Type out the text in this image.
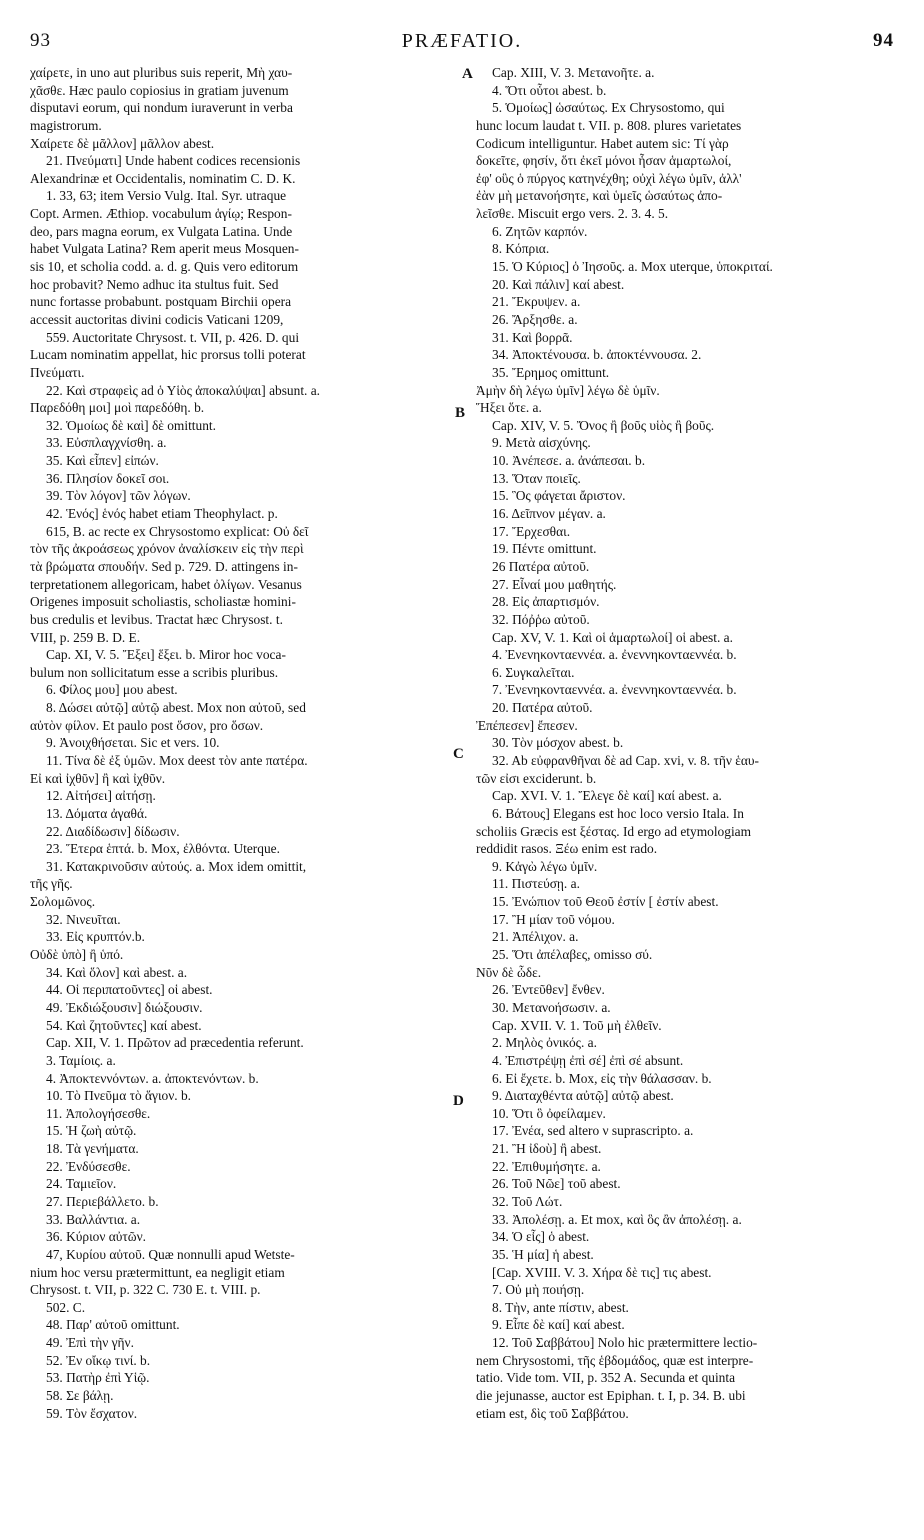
93	PRÆFATIO.	94
χαίρετε, in uno aut pluribus suis reperit, Μὴ χαυ-
χᾶσθε. Hæc paulo copiosius in gratiam juvenum
disputavi eorum, qui nondum iuraverunt in verba
magistrorum.
Χαίρετε δὲ μᾶλλον] μᾶλλον abest.
21. Πνεύματι] Unde habent codices recensionis
Alexandrinæ et Occidentalis, nominatim C. D. K.
1. 33, 63; item Versio Vulg. Ital. Syr. utraque
Copt. Armen. Æthiop. vocabulum ἁγίῳ; Respon-
deo, pars magna eorum, ex Vulgata Latina. Unde
habet Vulgata Latina? Rem aperit meus Mosquen-
sis 10, et scholia codd. a. d. g. Quis vero editorum
hoc probavit? Nemo adhuc ita stultus fuit. Sed
nunc fortasse probabunt. postquam Birchii opera
accessit auctoritas divini codicis Vaticani 1209,
559. Auctoritate Chrysost. t. VII, p. 426. D. qui
Lucam nominatim appellat, hic prorsus tolli poterat
Πνεύματι.
22. Καὶ στραφεὶς ad ὁ Υἱὸς ἀποκαλύψαι] absunt. a.
Παρεδόθη μοι] μοὶ παρεδόθη. b.
32. Ὁμοίως δὲ καὶ] δὲ omittunt.
33. Εὐσπλαγχνίσθη. a.
35. Καὶ εἶπεν] εἰπών.
36. Πλησίον δοκεῖ σοι.
39. Τὸν λόγον] τῶν λόγων.
42. Ἑνός] ἑνός habet etiam Theophylact. p.
615, B. ac recte ex Chrysostomo explicat: Οὐ δεῖ
τὸν τῆς ἀκροάσεως χρόνον ἀναλίσκειν εἰς τὴν περὶ
τὰ βρώματα σπουδήν. Sed p. 729. D. attingens in-
terpretationem allegoricam, habet ὀλίγων. Vesanus
Origenes imposuit scholiastis, scholiastæ homini-
bus credulis et levibus. Tractat hæc Chrysost. t.
VIII, p. 259 B. D. E.
Cap. XI, V. 5. Ἔξει] ἕξει. b. Miror hoc voca-
bulum non sollicitatum esse a scribis pluribus.
6. Φίλος μου] μου abest.
8. Δώσει αὐτῷ] αὐτῷ abest. Mox non αὐτοῦ, sed
αὐτὸν φίλον. Et paulo post ὅσον, pro ὅσων.
9. Ἀνοιχθήσεται. Sic et vers. 10.
11. Τίνα δὲ ἐξ ὑμῶν. Mox deest τὸν ante πατέρα.
Εἰ καὶ ἰχθῦν] ἢ καὶ ἰχθῦν.
12. Αἰτήσει] αἰτήσῃ.
13. Δόματα ἀγαθά.
22. Διαδίδωσιν] δίδωσιν.
23. Ἕτερα ἑπτά. b. Mox, ἐλθόντα. Uterque.
31. Κατακρινοῦσιν αὐτούς. a. Mox idem omittit,
τῆς γῆς.
Σολομῶνος.
32. Νινευῖται.
33. Εἰς κρυπτόν.b.
Οὐδὲ ὑπὸ] ἢ ὑπό.
34. Καὶ ὅλον] καὶ abest. a.
44. Οἱ περιπατοῦντες] οἱ abest.
49. Ἐκδιώξουσιν] διώξουσιν.
54. Καὶ ζητοῦντες] καί abest.
Cap. XII, V. 1. Πρῶτον ad præcedentia referunt.
3. Ταμίοις. a.
4. Ἀποκτεννόντων. a. ἀποκτενόντων. b.
10. Τὸ Πνεῦμα τὸ ἅγιον. b.
11. Ἀπολογήσεσθε.
15. Ἡ ζωὴ αὐτῷ.
18. Τὰ γενήματα.
22. Ἐνδύσεσθε.
24. Ταμιεῖον.
27. Περιεβάλλετο. b.
33. Βαλλάντια. a.
36. Κύριον αὐτῶν.
47, Κυρίου αὐτοῦ. Quæ nonnulli apud Wetste-
nium hoc versu prætermittunt, ea negligit etiam
Chrysost. t. VII, p. 322 C. 730 E. t. VIII. p.
502. C.
48. Παρ' αὐτοῦ omittunt.
49. Ἐπὶ τὴν γῆν.
52. Ἐν οἴκῳ τινί. b.
53. Πατὴρ ἐπὶ Υἱῷ.
58. Σε βάλῃ.
59. Τὸν ἔσχατον.
Cap. XIII, V. 3. Μετανοῆτε. a.
4. Ὅτι οὗτοι abest. b.
5. Ὁμοίως] ὡσαύτως. Ex Chrysostomo, qui
hunc locum laudat t. VII. p. 808. plures varietates
Codicum intelliguntur. Habet autem sic: Τί γὰρ
δοκεῖτε, φησίν, ὅτι ἐκεῖ μόνοι ἦσαν ἁμαρτωλοί,
ἐφ' οὓς ὁ πύργος κατηνέχθη; οὐχὶ λέγω ὑμῖν, ἀλλ'
ἐὰν μὴ μετανοήσητε, καὶ ὑμεῖς ὡσαύτως ἀπο-
λεῖσθε. Miscuit ergo vers. 2. 3. 4. 5.
6. Ζητῶν καρπόν.
8. Κόπρια.
15. Ὁ Κύριος] ὁ Ἰησοῦς. a. Mox uterque, ὑποκριταί.
20. Καὶ πάλιν] καί abest.
21. Ἔκρυψεν. a.
26. Ἄρξησθε. a.
31. Καὶ βορρᾶ.
34. Ἀποκτένουσα. b. ἀποκτέννουσα. 2.
35. Ἔρημος omittunt.
Ἀμὴν δὴ λέγω ὑμῖν] λέγω δὲ ὑμῖν.
Ἥξει ὅτε. a.
Cap. XIV, V. 5. Ὄνος ἢ βοῦς υἱὸς ἢ βοῦς.
9. Μετὰ αἰσχύνης.
10. Ἀνέπεσε. a. ἀνάπεσαι. b.
13. Ὅταν ποιεῖς.
15. Ὃς φάγεται ἄριστον.
16. Δεῖπνον μέγαν. a.
17. Ἔρχεσθαι.
19. Πέντε omittunt.
26 Πατέρα αὐτοῦ.
27. Εἶναί μου μαθητής.
28. Εἰς ἀπαρτισμόν.
32. Πόῤῥω αὐτοῦ.
Cap. XV, V. 1. Καὶ οἱ ἁμαρτωλοί] οἱ abest. a.
4. Ἐνενηκονταεννέα. a. ἐνεννηκονταεννέα. b.
6. Συγκαλεῖται.
7. Ἐνενηκονταεννέα. a. ἐνεννηκονταεννέα. b.
20. Πατέρα αὐτοῦ.
Ἐπέπεσεν] ἔπεσεν.
30. Τὸν μόσχον abest. b.
32. Ab εὐφρανθῆναι δὲ ad Cap. xvi, v. 8. τῆν ἑαυ-
τῶν εἰσι exciderunt. b.
Cap. XVI. V. 1. Ἔλεγε δὲ καί] καί abest. a.
6. Βάτους] Elegans est hoc loco versio Itala. In
scholiis Græcis est ξέστας. Id ergo ad etymologiam
reddidit rasos. Ξέω enim est rado.
9. Κἀγὼ λέγω ὑμῖν.
11. Πιστεύσῃ. a.
15. Ἐνώπιον τοῦ Θεοῦ ἐστίν [ ἐστίν abest.
17. Ἢ μίαν τοῦ νόμου.
21. Ἀπέλιχον. a.
25. Ὅτι ἀπέλαβες, omisso σύ.
Νῦν δὲ ὧδε.
26. Ἐντεῦθεν] ἔνθεν.
30. Μετανοήσωσιν. a.
Cap. XVII. V. 1. Τοῦ μὴ ἐλθεῖν.
2. Μηλὸς ὀνικός. a.
4. Ἐπιστρέψῃ ἐπὶ σέ] ἐπὶ σέ absunt.
6. Εἰ ἔχετε. b. Mox, εἰς τὴν θάλασσαν. b.
9. Διαταχθέντα αὐτῷ] αὐτῷ abest.
10. Ὅτι ὃ ὀφείλαμεν.
17. Ἐνέα, sed altero ν suprascripto. a.
21. Ἢ ἰδοὺ] ἢ abest.
22. Ἐπιθυμήσητε. a.
26. Τοῦ Νῶε] τοῦ abest.
32. Τοῦ Λώτ.
33. Ἀπολέσῃ. a. Et mox, καὶ ὃς ἂν ἀπολέσῃ. a.
34. Ὁ εἷς] ὁ abest.
35. Ἡ μία] ἡ abest.
[Cap. XVIII. V. 3. Χήρα δὲ τις] τις abest.
7. Οὐ μὴ ποιήσῃ.
8. Τὴν, ante πίστιν, abest.
9. Εἶπε δὲ καί] καί abest.
12. Τοῦ Σαββάτου] Nolo hic prætermittere lectio-
nem Chrysostomi, τῆς ἑβδομάδος, quæ est interpre-
tatio. Vide tom. VII, p. 352 A. Secunda et quinta
die jejunasse, auctor est Epiphan. t. I, p. 34. B. ubi
etiam est, δὶς τοῦ Σαββάτου.
A
B
C
D
